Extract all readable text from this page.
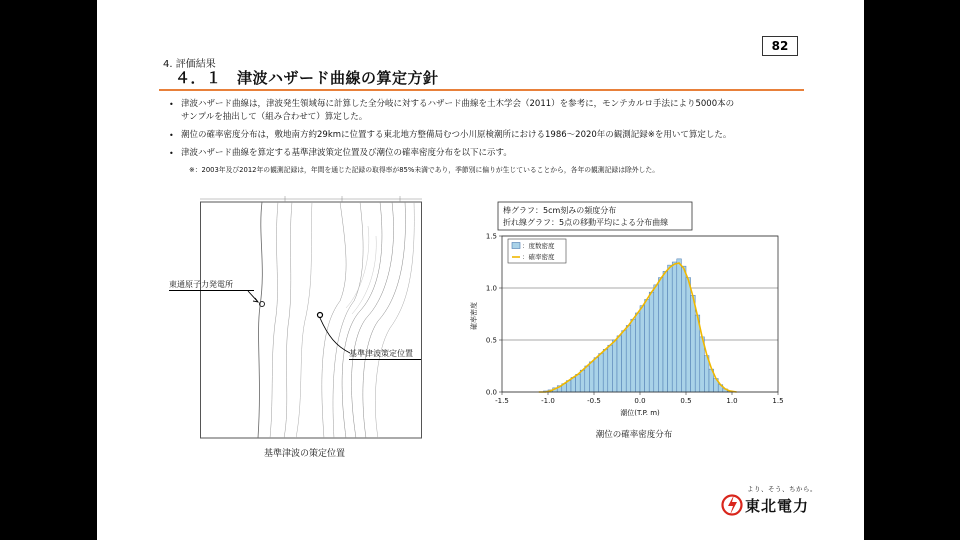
82
4. 評価結果
４．１　津波ハザード曲線の算定方針
• 津波ハザード曲線は，津波発生領域毎に計算した全分岐に対するハザード曲線を土木学会（2011）を参考に，モンテカルロ手法により5000本の
サンプルを抽出して（組み合わせて）算定した。
• 潮位の確率密度分布は，敷地南方約29kmに位置する東北地方整備局むつ小川原検潮所における1986～2020年の観測記録※を用いて算定した。
• 津波ハザード曲線を算定する基準津波策定位置及び潮位の確率密度分布を以下に示す。
※：2003年及び2012年の観測記録は，年間を通じた記録の取得率が85%未満であり，季節別に偏りが生じていることから，各年の観測記録は除外した。
東通原子力発電所
基準津波策定位置
基準津波の策定位置
棒グラフ：5cm刻みの頻度分布
折れ線グラフ：5点の移動平均による分布曲線
-1.5	-1.0	-0.5	0.0	0.5	1.0	1.5
0.0
0.5
1.0
1.5
：度数密度
：確率密度
確率密度
潮位(T.P. m)
潮位の確率密度分布
より、そう、ちから。
東北電力
